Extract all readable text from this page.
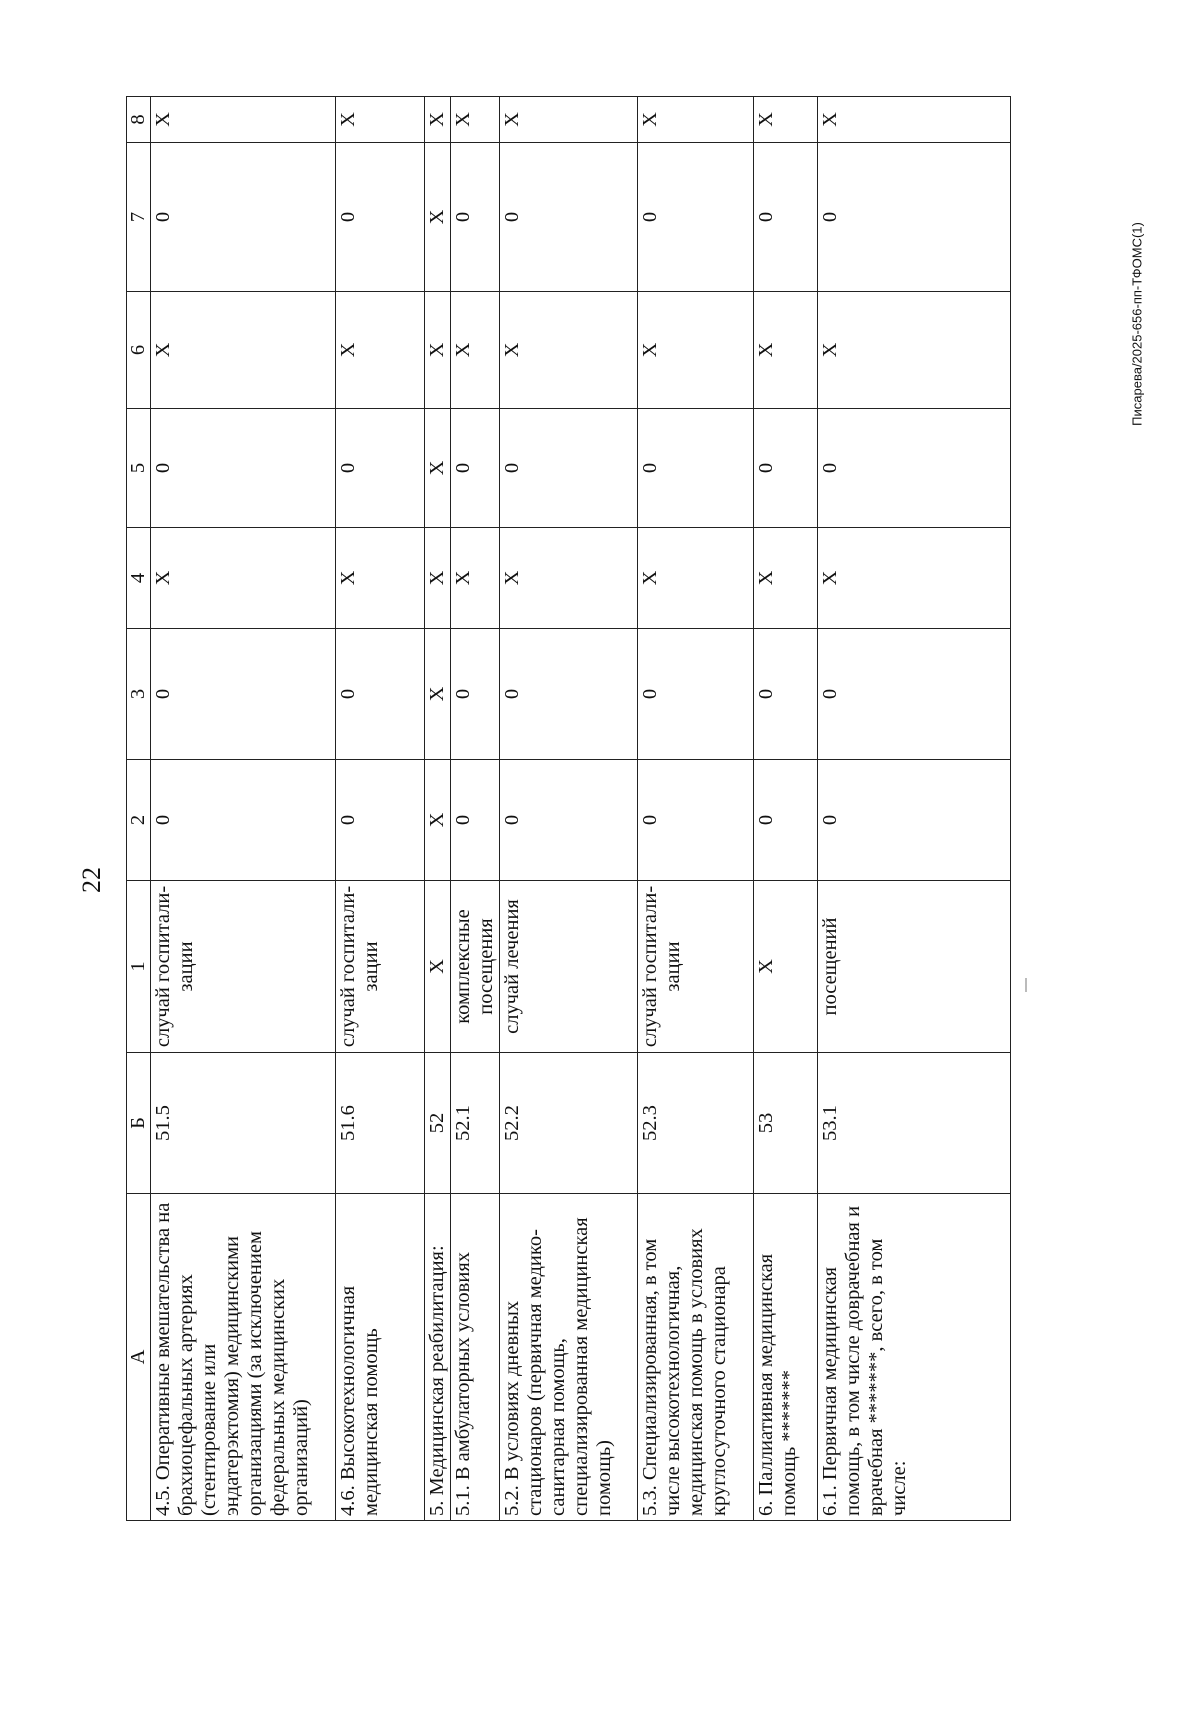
22
Писарева/2025-656-пп-ТФОМС(1)
А	Б	1	2	3	4	5	6	7	8
4.5. Оперативные вмешательства на брахиоцефальных артериях (стентирование или эндатерэктомия) медицинскими организациями (за исключением федеральных медицинских организаций)	51.5	случай госпитали-зации	0	0	Х	0	Х	0	Х
4.6. Высокотехнологичная медицинская помощь	51.6	случай госпитали-зации	0	0	Х	0	Х	0	Х
5. Медицинская реабилитация:	52	Х	Х	Х	Х	Х	Х	Х	Х
5.1. В амбулаторных условиях	52.1	комплексные посещения	0	0	Х	0	Х	0	Х
5.2. В условиях дневных стационаров (первичная медико-санитарная помощь, специализированная медицинская помощь)	52.2	случай лечения	0	0	Х	0	Х	0	Х
5.3. Специализированная, в том числе высокотехнологичная, медицинская помощь в условиях круглосуточного стационара	52.3	случай госпитали-зации	0	0	Х	0	Х	0	Х
6. Паллиативная медицинская помощь *******	53	Х	0	0	Х	0	Х	0	Х
6.1. Первичная медицинская помощь, в том числе доврачебная и врачебная *******, всего, в том числе:	53.1	посещений	0	0	Х	0	Х	0	Х
